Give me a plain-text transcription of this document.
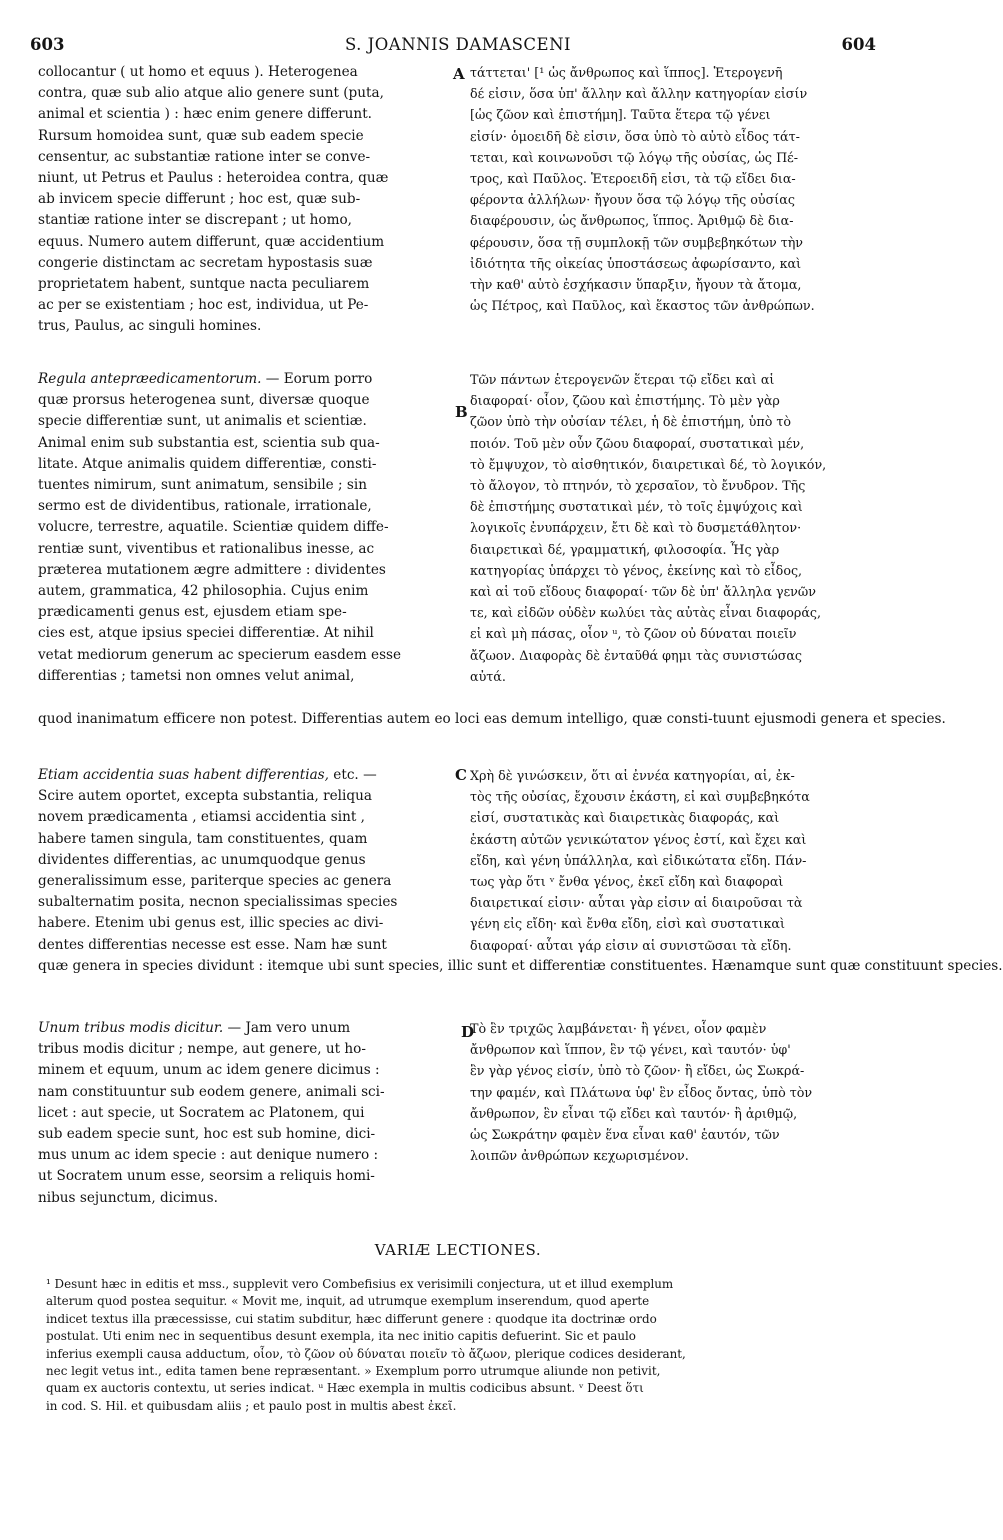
603	S. JOANNIS DAMASCENI	604
A
B
C
D
collocantur ( ut homo et equus ). Heterogenea
contra, quæ sub alio atque alio genere sunt (puta,
animal et scientia ) : hæc enim genere differunt.
Rursum homoidea sunt, quæ sub eadem specie
censentur, ac substantiæ ratione inter se conve-
niunt, ut Petrus et Paulus : heteroidea contra, quæ
ab invicem specie differunt ; hoc est, quæ sub-
stantiæ ratione inter se discrepant ; ut homo,
equus. Numero autem differunt, quæ accidentium
congerie distinctam ac secretam hypostasis suæ
proprietatem habent, suntque nacta peculiarem
ac per se existentiam ; hoc est, individua, ut Pe-
trus, Paulus, ac singuli homines.
τάττεται' [¹ ὡς ἄνθρωπος καὶ ἵππος]. Ἑτερογενῆ
δέ εἰσιν, ὅσα ὑπ' ἄλλην καὶ ἄλλην κατηγορίαν εἰσίν
[ὡς ζῶον καὶ ἐπιστήμη]. Ταῦτα ἕτερα τῷ γένει
εἰσίν· ὁμοειδῆ δὲ εἰσιν, ὅσα ὑπὸ τὸ αὐτὸ εἶδος τάτ-
τεται, καὶ κοινωνοῦσι τῷ λόγῳ τῆς οὐσίας, ὡς Πέ-
τρος, καὶ Παῦλος. Ἑτεροειδῆ εἰσι, τὰ τῷ εἴδει δια-
φέροντα ἀλλήλων· ἤγουν ὅσα τῷ λόγῳ τῆς οὐσίας
διαφέρουσιν, ὡς ἄνθρωπος, ἵππος. Ἀριθμῷ δὲ δια-
φέρουσιν, ὅσα τῇ συμπλοκῇ τῶν συμβεβηκότων τὴν
ἰδιότητα τῆς οἰκείας ὑποστάσεως ἀφωρίσαντο, καὶ
τὴν καθ' αὑτὸ ἐσχήκασιν ὕπαρξιν, ἤγουν τὰ ἄτομα,
ὡς Πέτρος, καὶ Παῦλος, καὶ ἕκαστος τῶν ἀνθρώπων.
Regula antepræedicamentorum. — Eorum porro
quæ prorsus heterogenea sunt, diversæ quoque
specie differentiæ sunt, ut animalis et scientiæ.
Animal enim sub substantia est, scientia sub qua-
litate. Atque animalis quidem differentiæ, consti-
tuentes nimirum, sunt animatum, sensibile ; sin
sermo est de dividentibus, rationale, irrationale,
volucre, terrestre, aquatile. Scientiæ quidem diffe-
rentiæ sunt, viventibus et rationalibus inesse, ac
præterea mutationem ægre admittere : dividentes
autem, grammatica, 42 philosophia. Cujus enim
prædicamenti genus est, ejusdem etiam spe-
cies est, atque ipsius speciei differentiæ. At nihil
vetat mediorum generum ac specierum easdem esse
differentias ; tametsi non omnes velut animal,
Τῶν πάντων ἑτερογενῶν ἕτεραι τῷ εἴδει καὶ αἱ
διαφοραί· οἷον, ζῶου καὶ ἐπιστήμης. Τὸ μὲν γὰρ
ζῶον ὑπὸ τὴν οὐσίαν τέλει, ἡ δὲ ἐπιστήμη, ὑπὸ τὸ
ποιόν. Τοῦ μὲν οὖν ζῶου διαφοραί, συστατικαὶ μέν,
τὸ ἔμψυχον, τὸ αἰσθητικόν, διαιρετικαὶ δέ, τὸ λογικόν,
τὸ ἄλογον, τὸ πτηνόν, τὸ χερσαῖον, τὸ ἔνυδρον. Τῆς
δὲ ἐπιστήμης συστατικαὶ μέν, τὸ τοῖς ἐμψύχοις καὶ
λογικοῖς ἐνυπάρχειν, ἔτι δὲ καὶ τὸ δυσμετάθλητον·
διαιρετικαὶ δέ, γραμματική, φιλοσοφία. Ἧς γὰρ
κατηγορίας ὑπάρχει τὸ γένος, ἐκείνης καὶ τὸ εἶδος,
καὶ αἱ τοῦ εἴδους διαφοραί· τῶν δὲ ὑπ' ἄλληλα γενῶν
τε, καὶ εἰδῶν οὐδὲν κωλύει τὰς αὐτὰς εἶναι διαφοράς,
εἰ καὶ μὴ πάσας, οἷον ᵘ, τὸ ζῶον οὐ δύναται ποιεῖν
ἄζωον. Διαφορὰς δὲ ἐνταῦθά φημι τὰς συνιστώσας
αὐτά.
quod inanimatum efficere non potest. Differentias autem eo loci eas demum intelligo, quæ consti-tuunt ejusmodi genera et species.
Etiam accidentia suas habent differentias, etc. —
Scire autem oportet, excepta substantia, reliqua
novem prædicamenta , etiamsi accidentia sint ,
habere tamen singula, tam constituentes, quam
dividentes differentias, ac unumquodque genus
generalissimum esse, pariterque species ac genera
subalternatim posita, necnon specialissimas species
habere. Etenim ubi genus est, illic species ac divi-
dentes differentias necesse est esse. Nam hæ sunt
Χρὴ δὲ γινώσκειν, ὅτι αἱ ἐννέα κατηγορίαι, αἱ, ἐκ-
τὸς τῆς οὐσίας, ἔχουσιν ἑκάστη, εἰ καὶ συμβεβηκότα
εἰσί, συστατικὰς καὶ διαιρετικὰς διαφοράς, καὶ
ἑκάστη αὐτῶν γενικώτατον γένος ἐστί, καὶ ἔχει καὶ
εἴδη, καὶ γένη ὑπάλληλα, καὶ εἰδικώτατα εἴδη. Πάν-
τως γὰρ ὅτι ᵛ ἔνθα γένος, ἐκεῖ εἴδη καὶ διαφοραὶ
διαιρετικαί εἰσιν· αὗται γὰρ εἰσιν αἱ διαιροῦσαι τὰ
γένη εἰς εἴδη· καὶ ἔνθα εἴδη, εἰσὶ καὶ συστατικαὶ
διαφοραί· αὗται γάρ εἰσιν αἱ συνιστῶσαι τὰ εἴδη.
quæ genera in species dividunt : itemque ubi sunt species, illic sunt et differentiæ constituentes. Hænamque sunt quæ constituunt species.
Unum tribus modis dicitur. — Jam vero unum
tribus modis dicitur ; nempe, aut genere, ut ho-
minem et equum, unum ac idem genere dicimus :
nam constituuntur sub eodem genere, animali sci-
licet : aut specie, ut Socratem ac Platonem, qui
sub eadem specie sunt, hoc est sub homine, dici-
mus unum ac idem specie : aut denique numero :
ut Socratem unum esse, seorsim a reliquis homi-
nibus sejunctum, dicimus.
Τὸ ἓν τριχῶς λαμβάνεται· ἢ γένει, οἷον φαμὲν
ἄνθρωπον καὶ ἵππον, ἓν τῷ γένει, καὶ ταυτόν· ὑφ'
ἓν γὰρ γένος εἰσίν, ὑπὸ τὸ ζῶον· ἢ εἴδει, ὡς Σωκρά-
την φαμέν, καὶ Πλάτωνα ὑφ' ἓν εἶδος ὄντας, ὑπὸ τὸν
ἄνθρωπον, ἓν εἶναι τῷ εἴδει καὶ ταυτόν· ἢ ἀριθμῷ,
ὡς Σωκράτην φαμὲν ἕνα εἶναι καθ' ἑαυτόν, τῶν
λοιπῶν ἀνθρώπων κεχωρισμένον.
VARIÆ LECTIONES.
¹ Desunt hæc in editis et mss., supplevit vero Combefisius ex verisimili conjectura, ut et illud exemplum
alterum quod postea sequitur. « Movit me, inquit, ad utrumque exemplum inserendum, quod aperte
indicet textus illa præcessisse, cui statim subditur, hæc differunt genere : quodque ita doctrinæ ordo
postulat. Uti enim nec in sequentibus desunt exempla, ita nec initio capitis defuerint. Sic et paulo
inferius exempli causa adductum, οἷον, τὸ ζῶον οὐ δύναται ποιεῖν τὸ ἄζωον, plerique codices desiderant,
nec legit vetus int., edita tamen bene repræsentant. » Exemplum porro utrumque aliunde non petivit,
quam ex auctoris contextu, ut series indicat. ᵘ Hæc exempla in multis codicibus absunt. ᵛ Deest ὅτι
in cod. S. Hil. et quibusdam aliis ; et paulo post in multis abest ἐκεῖ.
